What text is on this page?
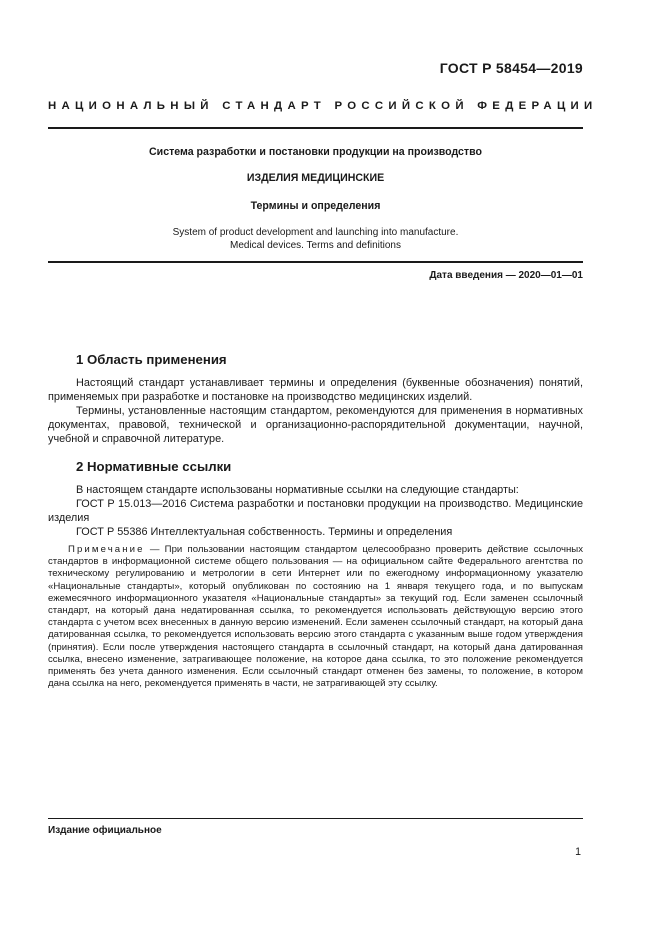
ГОСТ Р 58454—2019
НАЦИОНАЛЬНЫЙ СТАНДАРТ РОССИЙСКОЙ ФЕДЕРАЦИИ
Система разработки и постановки продукции на производство
ИЗДЕЛИЯ МЕДИЦИНСКИЕ
Термины и определения
System of product development and launching into manufacture.
Medical devices. Terms and definitions
Дата введения — 2020—01—01
1 Область применения
Настоящий стандарт устанавливает термины и определения (буквенные обозначения) понятий, применяемых при разработке и постановке на производство медицинских изделий.
Термины, установленные настоящим стандартом, рекомендуются для применения в нормативных документах, правовой, технической и организационно-распорядительной документации, научной, учебной и справочной литературе.
2 Нормативные ссылки
В настоящем стандарте использованы нормативные ссылки на следующие стандарты:
ГОСТ Р 15.013—2016 Система разработки и постановки продукции на производство. Медицинские изделия
ГОСТ Р 55386 Интеллектуальная собственность. Термины и определения
Примечание — При пользовании настоящим стандартом целесообразно проверить действие ссылочных стандартов в информационной системе общего пользования — на официальном сайте Федерального агентства по техническому регулированию и метрологии в сети Интернет или по ежегодному информационному указателю «Национальные стандарты», который опубликован по состоянию на 1 января текущего года, и по выпускам ежемесячного информационного указателя «Национальные стандарты» за текущий год. Если заменен ссылочный стандарт, на который дана недатированная ссылка, то рекомендуется использовать действующую версию этого стандарта с учетом всех внесенных в данную версию изменений. Если заменен ссылочный стандарт, на который дана датированная ссылка, то рекомендуется использовать версию этого стандарта с указанным выше годом утверждения (принятия). Если после утверждения настоящего стандарта в ссылочный стандарт, на который дана датированная ссылка, внесено изменение, затрагивающее положение, на которое дана ссылка, то это положение рекомендуется применять без учета данного изменения. Если ссылочный стандарт отменен без замены, то положение, в котором дана ссылка на него, рекомендуется применять в части, не затрагивающей эту ссылку.
Издание официальное
1
